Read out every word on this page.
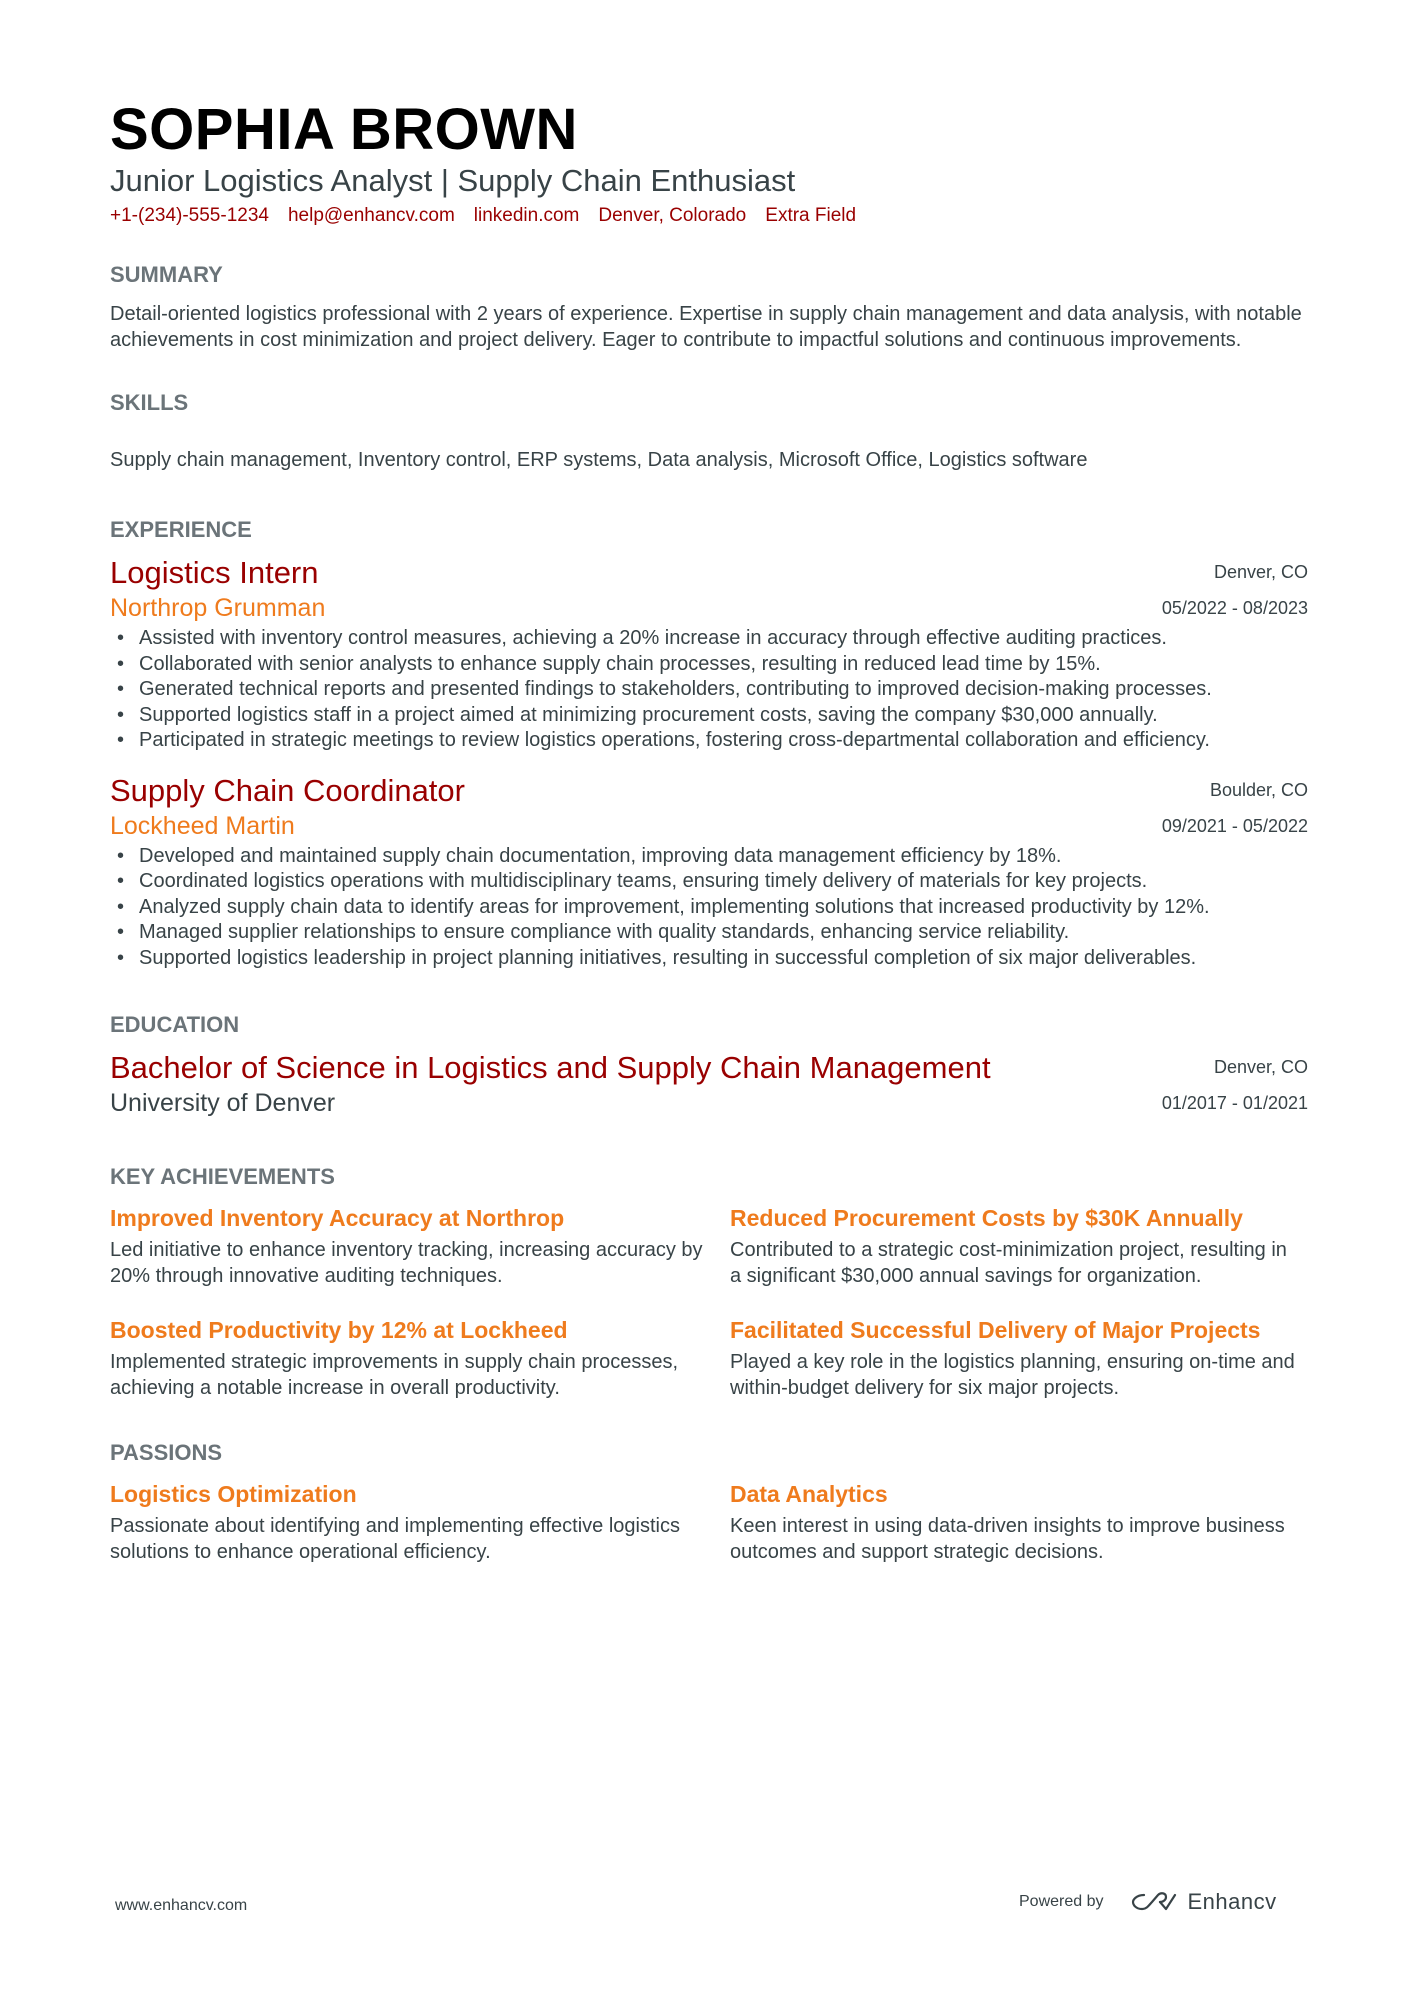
SOPHIA BROWN
Junior Logistics Analyst | Supply Chain Enthusiast
+1-(234)-555-1234 help@enhancv.com linkedin.com Denver, Colorado Extra Field
SUMMARY
Detail-oriented logistics professional with 2 years of experience. Expertise in supply chain management and data analysis, with notable achievements in cost minimization and project delivery. Eager to contribute to impactful solutions and continuous improvements.
SKILLS
Supply chain management, Inventory control, ERP systems, Data analysis, Microsoft Office, Logistics software
EXPERIENCE
Logistics Intern
Northrop Grumman
Denver, CO
05/2022 - 08/2023
• Assisted with inventory control measures, achieving a 20% increase in accuracy through effective auditing practices.
• Collaborated with senior analysts to enhance supply chain processes, resulting in reduced lead time by 15%.
• Generated technical reports and presented findings to stakeholders, contributing to improved decision-making processes.
• Supported logistics staff in a project aimed at minimizing procurement costs, saving the company $30,000 annually.
• Participated in strategic meetings to review logistics operations, fostering cross-departmental collaboration and efficiency.
Supply Chain Coordinator
Lockheed Martin
Boulder, CO
09/2021 - 05/2022
• Developed and maintained supply chain documentation, improving data management efficiency by 18%.
• Coordinated logistics operations with multidisciplinary teams, ensuring timely delivery of materials for key projects.
• Analyzed supply chain data to identify areas for improvement, implementing solutions that increased productivity by 12%.
• Managed supplier relationships to ensure compliance with quality standards, enhancing service reliability.
• Supported logistics leadership in project planning initiatives, resulting in successful completion of six major deliverables.
EDUCATION
Bachelor of Science in Logistics and Supply Chain Management
University of Denver
Denver, CO
01/2017 - 01/2021
KEY ACHIEVEMENTS
Improved Inventory Accuracy at Northrop
Led initiative to enhance inventory tracking, increasing accuracy by 20% through innovative auditing techniques.
Reduced Procurement Costs by $30K Annually
Contributed to a strategic cost-minimization project, resulting in a significant $30,000 annual savings for organization.
Boosted Productivity by 12% at Lockheed
Implemented strategic improvements in supply chain processes, achieving a notable increase in overall productivity.
Facilitated Successful Delivery of Major Projects
Played a key role in the logistics planning, ensuring on-time and within-budget delivery for six major projects.
PASSIONS
Logistics Optimization
Passionate about identifying and implementing effective logistics solutions to enhance operational efficiency.
Data Analytics
Keen interest in using data-driven insights to improve business outcomes and support strategic decisions.
www.enhancv.com	Powered by	Enhancv
